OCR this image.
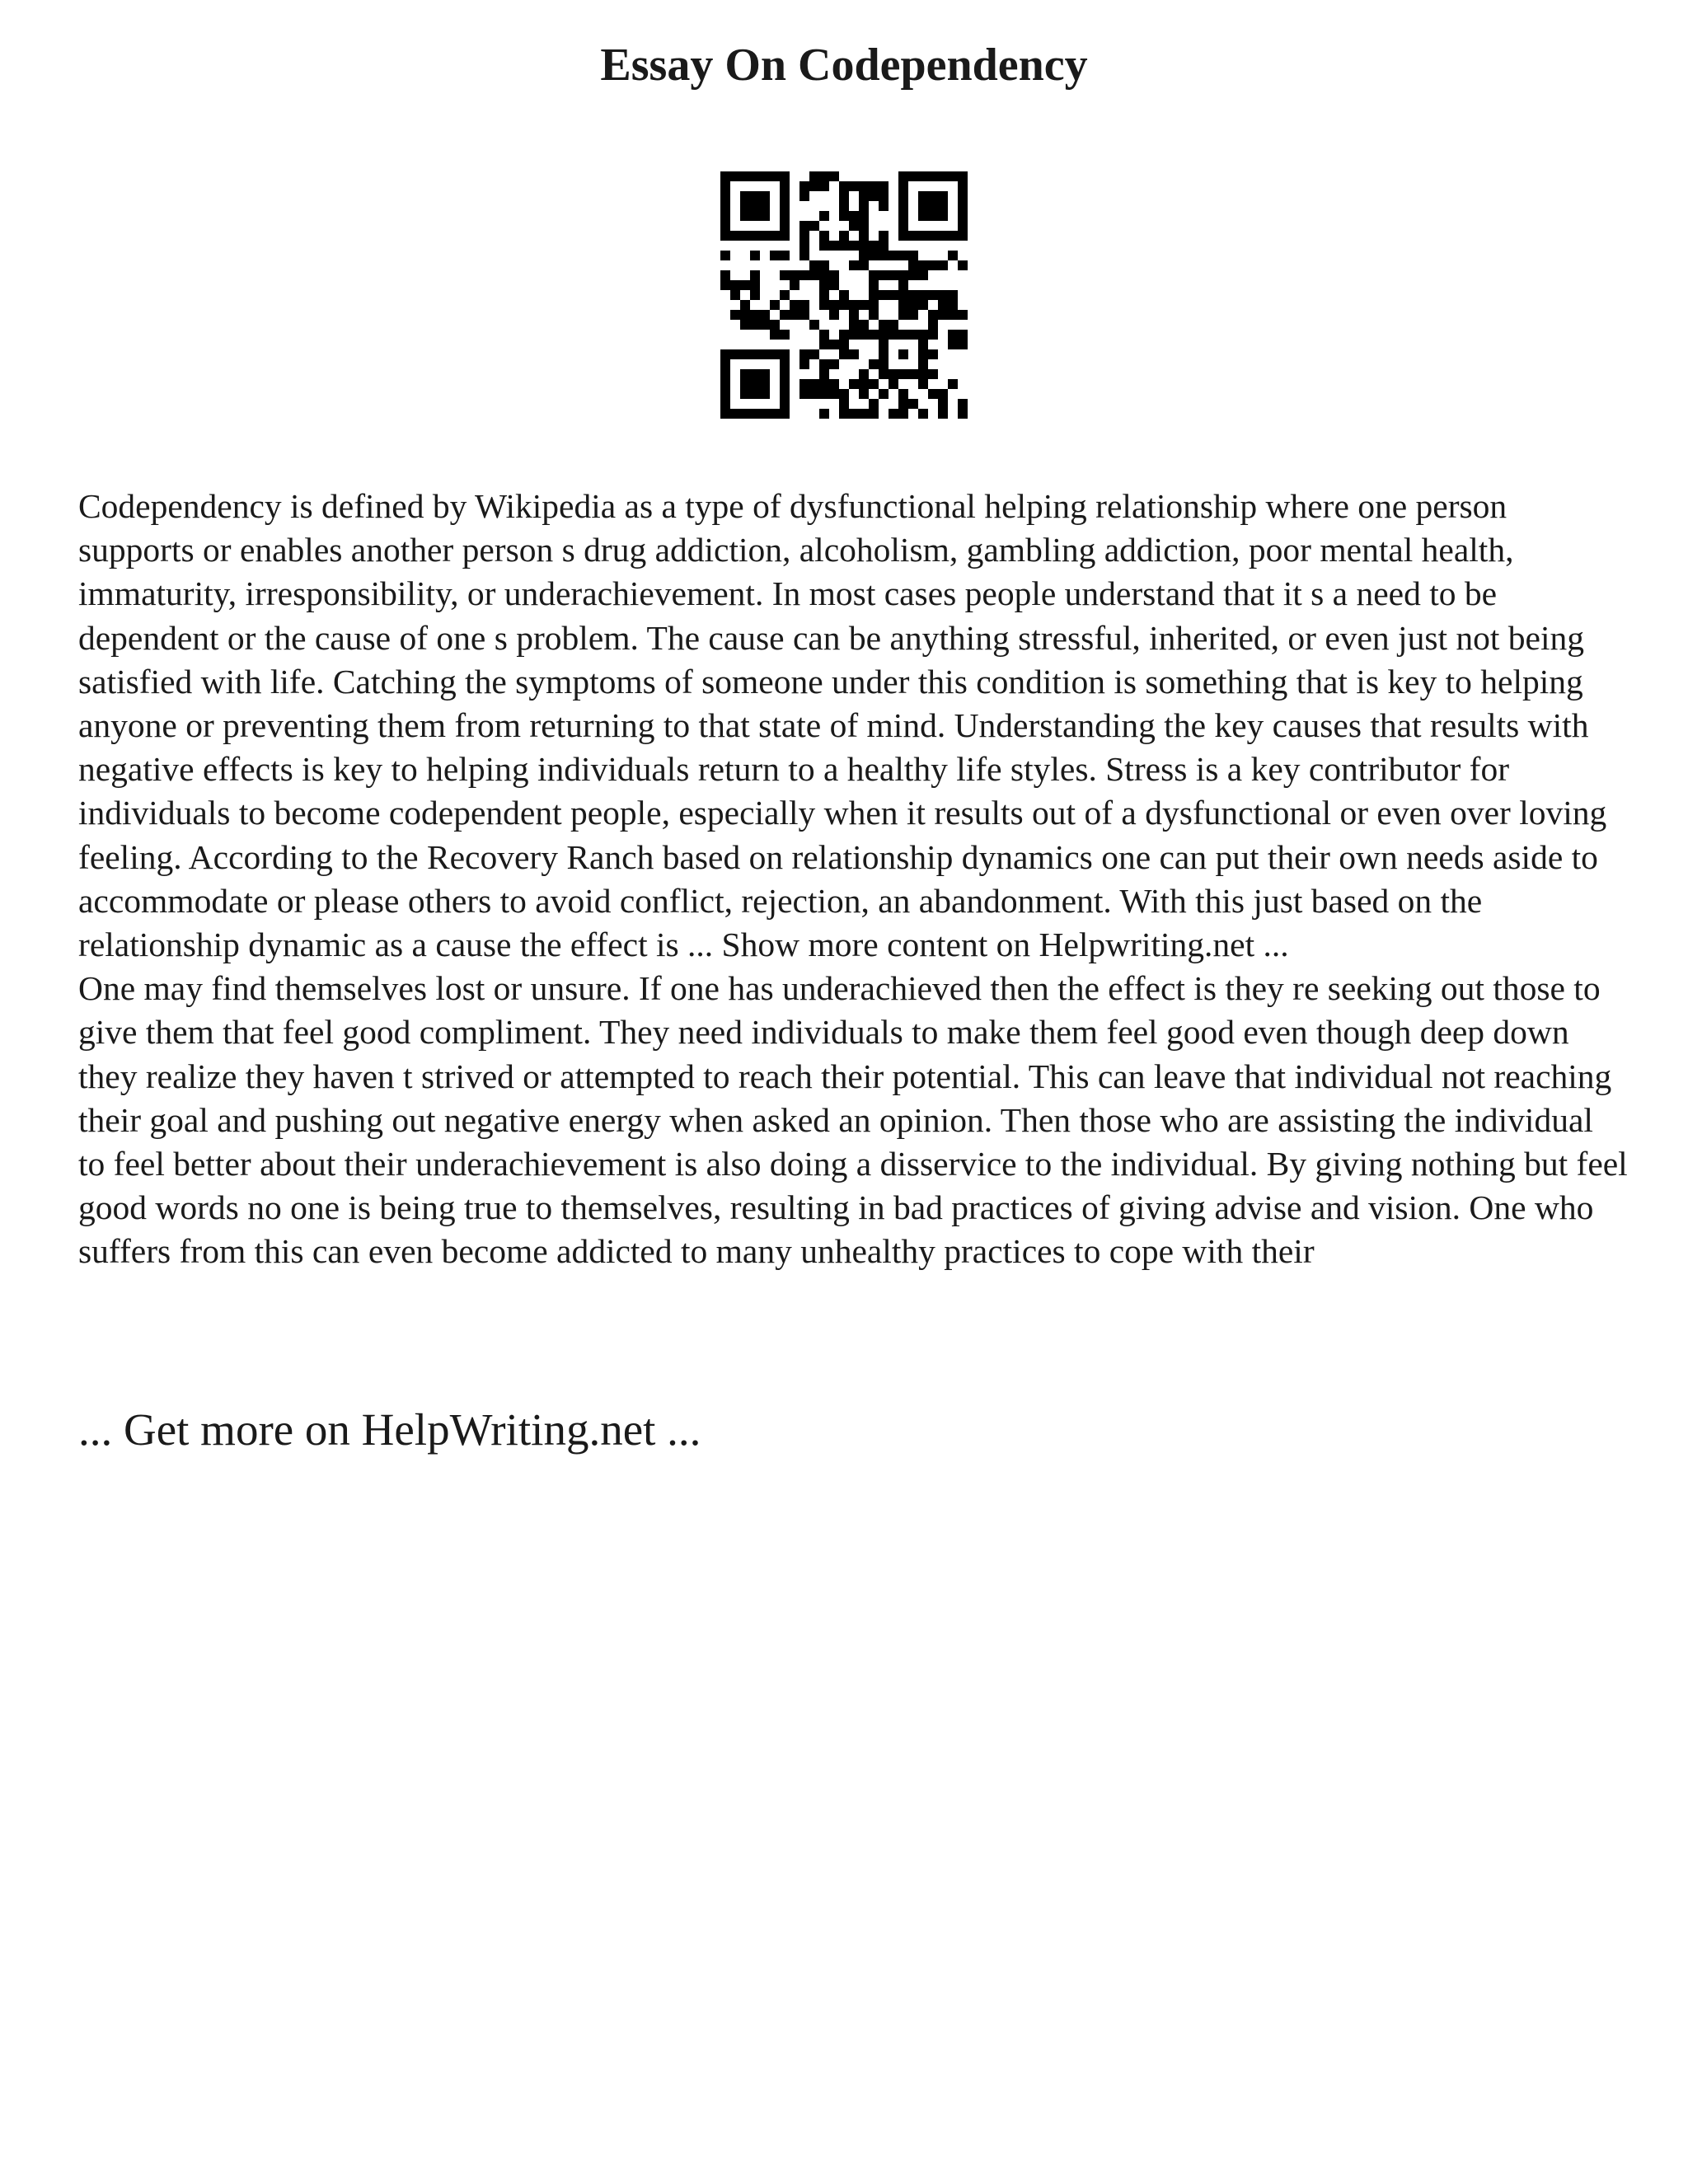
Essay On Codependency

Codependency is defined by Wikipedia as a type of dysfunctional helping relationship where one person supports or enables another person s drug addiction, alcoholism, gambling addiction, poor mental health, immaturity, irresponsibility, or underachievement. In most cases people understand that it s a need to be dependent or the cause of one s problem. The cause can be anything stressful, inherited, or even just not being satisfied with life. Catching the symptoms of someone under this condition is something that is key to helping anyone or preventing them from returning to that state of mind. Understanding the key causes that results with negative effects is key to helping individuals return to a healthy life styles. Stress is a key contributor for individuals to become codependent people, especially when it results out of a dysfunctional or even over loving feeling. According to the Recovery Ranch based on relationship dynamics one can put their own needs aside to accommodate or please others to avoid conflict, rejection, an abandonment. With this just based on the relationship dynamic as a cause the effect is ... Show more content on Helpwriting.net ...

One may find themselves lost or unsure. If one has underachieved then the effect is they re seeking out those to give them that feel good compliment. They need individuals to make them feel good even though deep down they realize they haven t strived or attempted to reach their potential. This can leave that individual not reaching their goal and pushing out negative energy when asked an opinion. Then those who are assisting the individual to feel better about their underachievement is also doing a disservice to the individual. By giving nothing but feel good words no one is being true to themselves, resulting in bad practices of giving advise and vision. One who suffers from this can even become addicted to many unhealthy practices to cope with their

... Get more on HelpWriting.net ...
